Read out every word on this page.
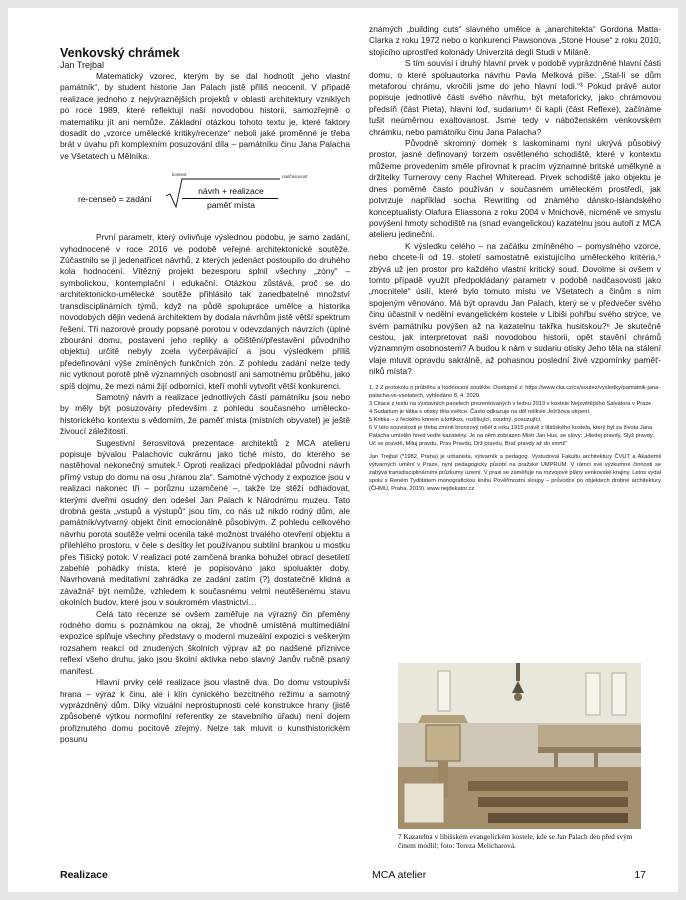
Venkovský chrámek
Jan Trejbal

Matematický vzorec, kterým by se dal hodnotit „jeho vlastní památník“, by student historie Jan Palach jistě příliš neocenil. V případě realizace jednoho z nejvýraznějších projektů v oblasti architektury vzniklých po roce 1989, které reflektují naši novodobou historii, samozřejmě o matematiku jít ani nemůže. Základní otázkou tohoto textu je, které faktory dosadit do „vzorce umělecké kritiky/recenze“ neboli jaké proměnné je třeba brát v úvahu při komplexním posuzování díla – památníku činu Jana Palacha ve Všetatech u Mělníka.

re-censeō = zadání
kontext	nadčasovost
návrh + realizace
paměť místa

První parametr, který ovlivňuje výslednou podobu, je samo zadání, vyhodnocené v roce 2016 ve podobě veřejné architektonické soutěže. Zúčastnilo se jí jedenatřicet návrhů, z kterých jedenáct postoupilo do druhého kola hodnocení. Vítězný projekt bezesporu splnil všechny „zóny“ – symbolickou, kontemplační i edukační. Otázkou zůstává, proč se do architektonicko-umělecké soutěže přihlásilo tak zanedbatelné množství transdisciplinárních týmů, když na půdě spolupráce umělce a historika novodobých dějin vedená architektem by dodala návrhům jistě větší spektrum řešení. Tři nazorové proudy popsané porotou v odevzdaných návrzích (úplné zbourání domu, postavení jeho repliky a očištění/přestavění původního objektu) určitě nebyly zcela vyčerpávající a jsou výsledkem příliš předefinování výše zmíněných funkčních zón. Z pohledu zadání nelze tedy nic vytknout porotě plně významných osobností ani samotnému průběhu, jako spíš dojmu, že mezi námi žijí odborníci, kteří mohli vytvořit větší konkurenci.

Samotný návrh a realizace jednotlivých částí památníku jsou nebo by měly být posuzovány především z pohledu současného umělecko-historického kontextu s vědomím, že paměť místa (místních obyvatel) je ještě živoucí záležitostí.

Sugestivní šerosvitová prezentace architektů z MCA atelieru popisuje bývalou Palachovic cukrárnu jako tiché místo, do kterého se nastěhoval nekonečný smutek.¹ Oproti realizaci předpokládal původní návrh přímý vstup do domu na osu „hranou zla“. Samotné východy z expozice jsou v realizaci nakonec tři – porůznu uzamčené –, takže lze stěží odhadovat, kterými dveřmi osudný den odešel Jan Palach k Národnímu muzeu. Tato drobná gesta „vstupů a výstupů“ jsou tím, co nás už nikdo rodný dům, ale památník/vytvarný objekt činit emocionálně působivým. Z pohledu celkového návrhu porota soutěže velmi ocenila také možnost trvalého otevření objektu a přilehlého prostoru, v čele s desítky let používanou subtilní brankou u mostku přes Tišický potok. V realizaci poté zamčená branka bohužel obrací desetiletí zabehlé pohádky místa, které je popisováno jako spoluaktér doby. Navrhovaná meditativní zahrádka ze zadání zatím (?) dostatečně klidná a závažná² být nemůže, vzhledem k současnému velmi neutěšenému stavu okolních budov, které jsou v soukromém vlastnictví…

Celá tato recenze se ovšem zaměřuje na výrazný čin přeměny rodného domu s poznámkou na okraj, že vhodně umístěná multimediální expozice splňuje všechny představy o moderní muzeální expozici s veškerým rozsahem reakcí od znudených školních výprav až po nadšené příznivce reflexí všeho druhu, jako jsou školní aktivka nebo slavný Janův ručně psaný manifest.

Hlavní prvky celé realizace jsou vlastně dva. Do domu vstoupivší hrana – výraz k činu, ale i klín cynického bezcitného režimu a samotný vyprázdněný dům. Díky vizuální neprostupnosti celé konstrukce hrany (jistě způsobené výtkou normofilní referentky ze stavebního úřadu) není dojem prořiznutého domu pocitově zřejmý. Nelze tak mluvit o kunsthistorickém posunu

známých „building cuts“ slavného umělce a „anarchitekta“ Gordona Matta-Clarka z roku 1972 nebo o konkurenci Pawsonova „Stone House“ z roku 2010, stojícího uprostřed kolonády Univerzitá degli Studi v Miláně.

S tím souvisí i druhý hlavní prvek v podobě vyprázdněné hlavní části domu, o které spoluautorka návrhu Pavla Melková píše: „Stal-li se dům metaforou chrámu, vkročili jsme do jeho hlavní lodi.“³ Pokud právě autor popisuje jednotlivé části svého návrhu, být metaforicky, jako chrámovou předsíň (část Pieta), hlavní loď, sudarium⁴ či kapli (část Reflexe), začínáme tušit neúměrnou exaltovanost. Jsme tedy v náboženském venkovském chrámku, nebo památníku činu Jana Palacha?

Původně skromný domek s laskominami nyní ukrývá působivý prostor, jasné definovaný torzem osvětleného schodiště, které v kontextu můžeme provedením směle přirovnat k pracím významné britské umělkyně a držitelky Turnerovy ceny Rachel Whiteread. Prvek schodiště jako objektu je dnes poměrně často používán v současném uměleckém prostředí, jak potvrzuje například socha Rewriting od známého dánsko-islandského konceptualisty Olafura Eliassona z roku 2004 v Mnichově, nicméně ve smyslu povýšení hmoty schodiště na (snad evangelickou) kazatelnu jsou autoři z MCA atelieru jedineční.

K výsledku celého – na začátku zmíněného – pomyslného vzorce, nebo chcete-li od 19. století samostatně existujícího uměleckého kritéria,⁵ zbývá už jen prostor pro každého vlastní kritický soud. Dovolme si ovšem v tomto případě využít předpokládaný parametr v podobě nadčasovosti jako „mocnitele“ úsilí, které bylo tomuto místu ve Všetatech a činům s ním spojeným věnováno. Má být opravdu Jan Palach, který se v předvečer svého činu účastnil v nedělní evangelickém kostele v Libiši pohřbu svého strýce, ve svém památníku povýšen až na kazatelnu takřka husitskou?⁶ Je skutečně cestou, jak interpretovat naši novodobou historii, opět stavění chrámů významným osobnostem? A budou k nám v sudariu otisky Jeho těla na stálení vlaje mluvit opravdu sakrálně, až pohasnou poslední živé vzpomínky paměť-niků místa?

1, 2 Z protokolu o průběhu a hodnocení soutěže. Dostupné z: https://www.cka.cz/cs/soutez/vysledky/pamatnik-jana-palacha-ve-vsetatech, vyhledáno 8. 4. 2020.

3 Citace z textu na výstavních panelech prezentovaných v lednu 2019 v kostele Nejsvětějšího Salvátora v Praze.

4 Sudarium je látka s otisky těla světce. Často odkazuje na děl relikvie Ježíšova utrpení.

5 Kritika – z řeckého krinein a kritikos, rozlišující, soudný, posuzující.

6 V této souvislosti je třeba zmínit bronzový reliéf z roku 1915 právě z libišského kostela, který byl za života Jana Palacha umístěn hned vedle kazatelny. Je na něm zobrazen Mistr Jan Hus, se slovy: „Hledej pravdy, Slyš pravdy, Uč se pravdě, Miluj pravdu, Prav Pravdu, Drž pravdu, Brať pravdy až do smrti!“

Jan Trejbal (*1982, Praha) je urbanista, výtvarník a pedagog. Vystudoval Fakultu architektury ČVUT a Akademii výtvarných umění v Praze, nyní pedagogicky působí na pražské UMPRUM. V rámci své výzkumné činnosti se zabývá transdisciplinárními průzkumy území. V praxi se zaměřuje na rozvojové plány venkovské krajiny. Letos vydal spolu s Reném Tydlitátem monografickou knihu Pověřmostní sloupy – průvodce po objektech drobné architektury (ČHMÚ, Praha, 2019). www.nejdekator.cz
7 Kazatelna v libišském evangelickém kostele, kde se Jan Palach den před svým činem modlil; foto: Tereza Melicharová.
Realizace	MCA atelier	17
